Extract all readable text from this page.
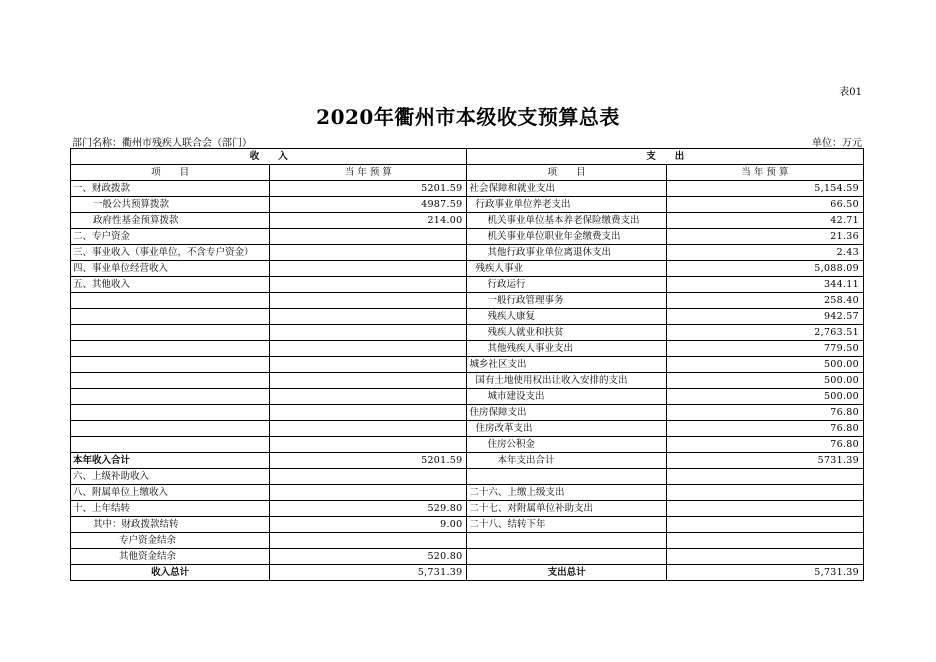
表01
2020年衢州市本级收支预算总表
部门名称：衢州市残疾人联合会（部门）	单位：万元
收　　入		支　　出	
项　　目	当 年 预 算	项　　目	当 年 预 算
一、财政拨款	5201.59	社会保障和就业支出	5,154.59
一般公共预算拨款	4987.59	行政事业单位养老支出	66.50
政府性基金预算拨款	214.00	机关事业单位基本养老保险缴费支出	42.71
二、专户资金		机关事业单位职业年金缴费支出	21.36
三、事业收入（事业单位，不含专户资金）		其他行政事业单位离退休支出	2.43
四、事业单位经营收入		残疾人事业	5,088.09
五、其他收入		行政运行	344.11
		一般行政管理事务	258.40
		残疾人康复	942.57
		残疾人就业和扶贫	2,763.51
		其他残疾人事业支出	779.50
		城乡社区支出	500.00
		国有土地使用权出让收入安排的支出	500.00
		城市建设支出	500.00
		住房保障支出	76.80
		住房改革支出	76.80
		住房公积金	76.80
本年收入合计	5201.59	本年支出合计	5731.39
六、上级补助收入			
八、附属单位上缴收入		二十六、上缴上级支出	
十、上年结转	529.80	二十七、对附属单位补助支出	
其中：财政拨款结转	9.00	二十八、结转下年	
专户资金结余			
其他资金结余	520.80		
收入总计	5,731.39	支出总计	5,731.39
